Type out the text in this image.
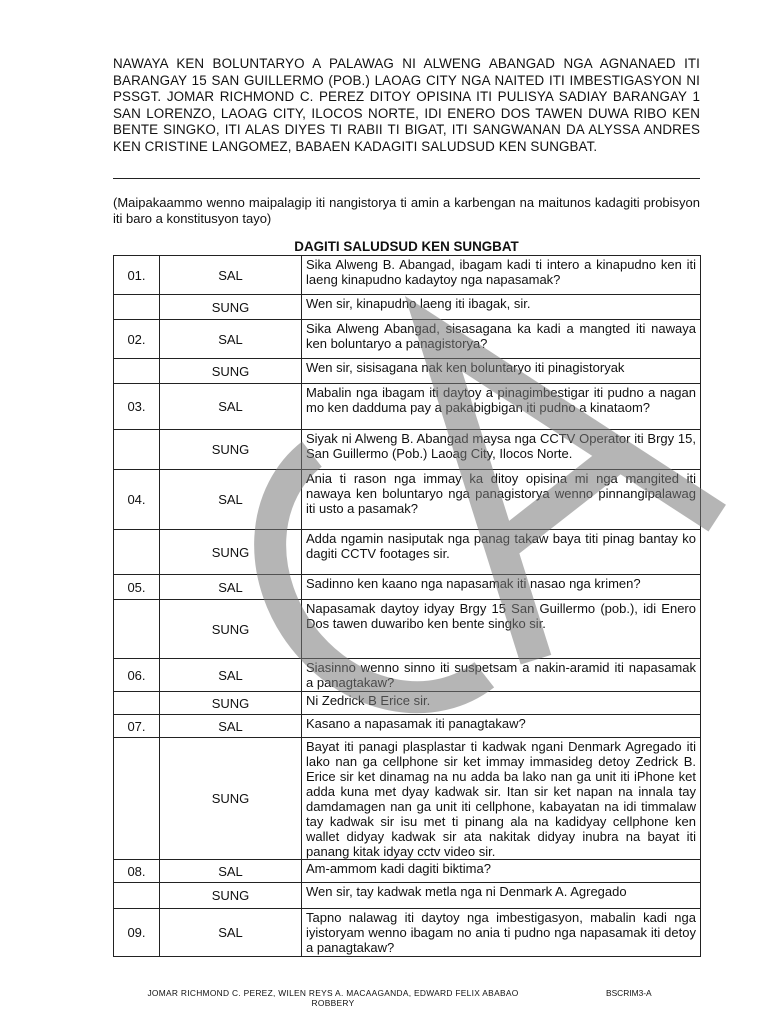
NAWAYA KEN BOLUNTARYO A PALAWAG NI ALWENG ABANGAD NGA AGNANAED ITI BARANGAY 15 SAN GUILLERMO (POB.) LAOAG CITY NGA NAITED ITI IMBESTIGASYON NI PSSGT. JOMAR RICHMOND C. PEREZ DITOY OPISINA ITI PULISYA SADIAY BARANGAY 1 SAN LORENZO, LAOAG CITY, ILOCOS NORTE, IDI ENERO DOS TAWEN DUWA RIBO KEN BENTE SINGKO, ITI ALAS DIYES TI RABII TI BIGAT, ITI SANGWANAN DA ALYSSA ANDRES KEN CRISTINE LANGOMEZ, BABAEN KADAGITI SALUDSUD KEN SUNGBAT.
(Maipakaammo wenno maipalagip iti nangistorya ti amin a karbengan na maitunos kadagiti probisyon iti baro a konstitusyon tayo)
DAGITI SALUDSUD KEN SUNGBAT
01.	SAL	Sika Alweng B. Abangad, ibagam kadi ti intero a kinapudno ken iti laeng kinapudno kadaytoy nga napasamak?
	SUNG	Wen sir, kinapudno laeng iti ibagak, sir.
02.	SAL	Sika Alweng Abangad, sisasagana ka kadi a mangted iti nawaya ken boluntaryo a panagistorya?
	SUNG	Wen sir, sisisagana nak ken boluntaryo iti pinagistoryak
03.	SAL	Mabalin nga ibagam iti daytoy a pinagimbestigar iti pudno a nagan mo ken dadduma pay a pakabigbigan iti pudno a kinataom?
	SUNG	Siyak ni Alweng B. Abangad maysa nga CCTV Operator iti Brgy 15, San Guillermo (Pob.) Laoag City, Ilocos Norte.
04.	SAL	Ania ti rason nga immay ka ditoy opisina mi nga mangited iti nawaya ken boluntaryo nga panagistorya wenno pinnangipalawag iti usto a pasamak?
	SUNG	Adda ngamin nasiputak nga panag takaw baya titi pinag bantay ko dagiti CCTV footages sir.
05.	SAL	Sadinno ken kaano nga napasamak iti nasao nga krimen?
	SUNG	Napasamak daytoy idyay Brgy 15 San Guillermo (pob.), idi Enero Dos tawen duwaribo ken bente singko sir.
06.	SAL	Siasinno wenno sinno iti suspetsam a nakin-aramid iti napasamak a panagtakaw?
	SUNG	Ni Zedrick B Erice sir.
07.	SAL	Kasano a napasamak iti panagtakaw?
	SUNG	Bayat iti panagi plasplastar ti kadwak ngani Denmark Agregado iti lako nan ga cellphone sir ket immay immasideg detoy Zedrick B. Erice sir ket dinamag na nu adda ba lako nan ga unit iti iPhone ket adda kuna met dyay kadwak sir. Itan sir ket napan na innala tay damdamagen nan ga unit iti cellphone, kabayatan na idi timmalaw tay kadwak sir isu met ti pinang ala na kadidyay cellphone ken wallet didyay kadwak sir ata nakitak didyay inubra na bayat iti panang kitak idyay cctv video sir.
08.	SAL	Am-ammom kadi dagiti biktima?
	SUNG	Wen sir, tay kadwak metla nga ni Denmark A. Agregado
09.	SAL	Tapno nalawag iti daytoy nga imbestigasyon, mabalin kadi nga iyistoryam wenno ibagam no ania ti pudno nga napasamak iti detoy a panagtakaw?
JOMAR RICHMOND C. PEREZ, WILEN REYS A. MACAAGANDA, EDWARD FELIX ABABAO
ROBBERY
BSCRIM3-A
